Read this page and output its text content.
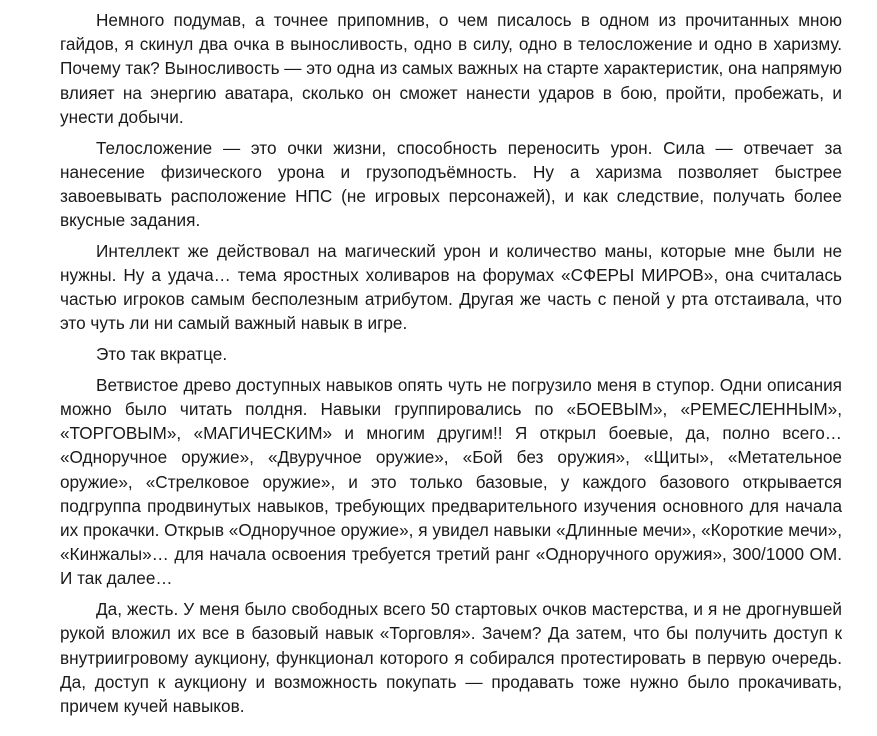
Немного подумав, а точнее припомнив, о чем писалось в одном из прочитанных мною гайдов, я скинул два очка в выносливость, одно в силу, одно в телосложение и одно в харизму. Почему так? Выносливость — это одна из самых важных на старте характеристик, она напрямую влияет на энергию аватара, сколько он сможет нанести ударов в бою, пройти, пробежать, и унести добычи.

Телосложение — это очки жизни, способность переносить урон. Сила — отвечает за нанесение физического урона и грузоподъёмность. Ну а харизма позволяет быстрее завоевывать расположение НПС (не игровых персонажей), и как следствие, получать более вкусные задания.

Интеллект же действовал на магический урон и количество маны, которые мне были не нужны. Ну а удача… тема яростных холиваров на форумах «СФЕРЫ МИРОВ», она считалась частью игроков самым бесполезным атрибутом. Другая же часть с пеной у рта отстаивала, что это чуть ли ни самый важный навык в игре.

Это так вкратце.

Ветвистое древо доступных навыков опять чуть не погрузило меня в ступор. Одни описания можно было читать полдня. Навыки группировались по «БОЕВЫМ», «РЕМЕСЛЕННЫМ», «ТОРГОВЫМ», «МАГИЧЕСКИМ» и многим другим!! Я открыл боевые, да, полно всего… «Одноручное оружие», «Двуручное оружие», «Бой без оружия», «Щиты», «Метательное оружие», «Стрелковое оружие», и это только базовые, у каждого базового открывается подгруппа продвинутых навыков, требующих предварительного изучения основного для начала их прокачки. Открыв «Одноручное оружие», я увидел навыки «Длинные мечи», «Короткие мечи», «Кинжалы»… для начала освоения требуется третий ранг «Одноручного оружия», 300/1000 ОМ. И так далее…

Да, жесть. У меня было свободных всего 50 стартовых очков мастерства, и я не дрогнувшей рукой вложил их все в базовый навык «Торговля». Зачем? Да затем, что бы получить доступ к внутриигровому аукциону, функционал которого я собирался протестировать в первую очередь. Да, доступ к аукциону и возможность покупать — продавать тоже нужно было прокачивать, причем кучей навыков.
